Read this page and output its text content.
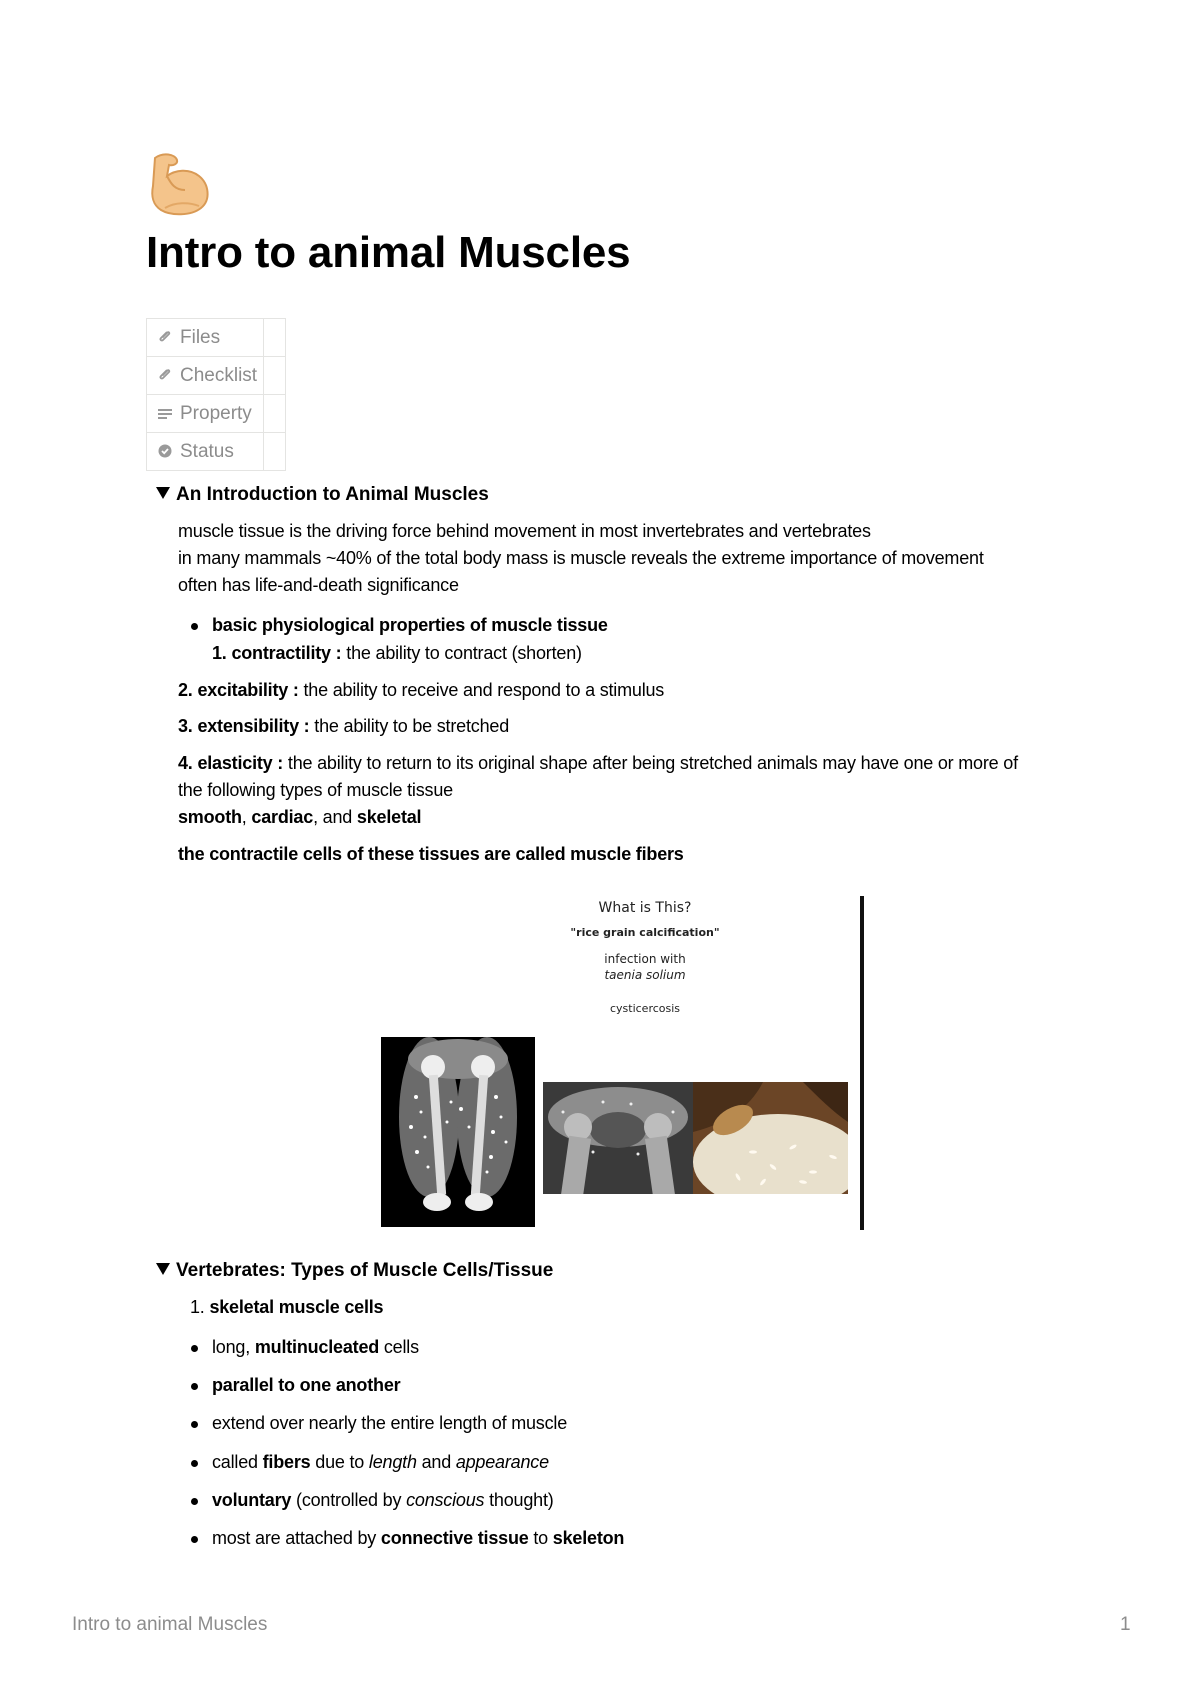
Intro to animal Muscles
Files	
Checklist	
Property	
Status	
An Introduction to Animal Muscles
muscle tissue is the driving force behind movement in most invertebrates and vertebrates
in many mammals ~40% of the total body mass is muscle reveals the extreme importance of movement
often has life-and-death significance
basic physiological properties of muscle tissue
1. contractility : the ability to contract (shorten)
2. excitability : the ability to receive and respond to a stimulus
3. extensibility : the ability to be stretched
4. elasticity : the ability to return to its original shape after being stretched animals may have one or more of
the following types of muscle tissue
smooth, cardiac, and skeletal
the contractile cells of these tissues are called muscle fibers
What is This?
"rice grain calcification"
infection with
taenia solium
cysticercosis
Vertebrates: Types of Muscle Cells/Tissue
1. skeletal muscle cells
long, multinucleated cells
parallel to one another
extend over nearly the entire length of muscle
called fibers due to length and appearance
voluntary (controlled by conscious thought)
most are attached by connective tissue to skeleton
Intro to animal Muscles	1
